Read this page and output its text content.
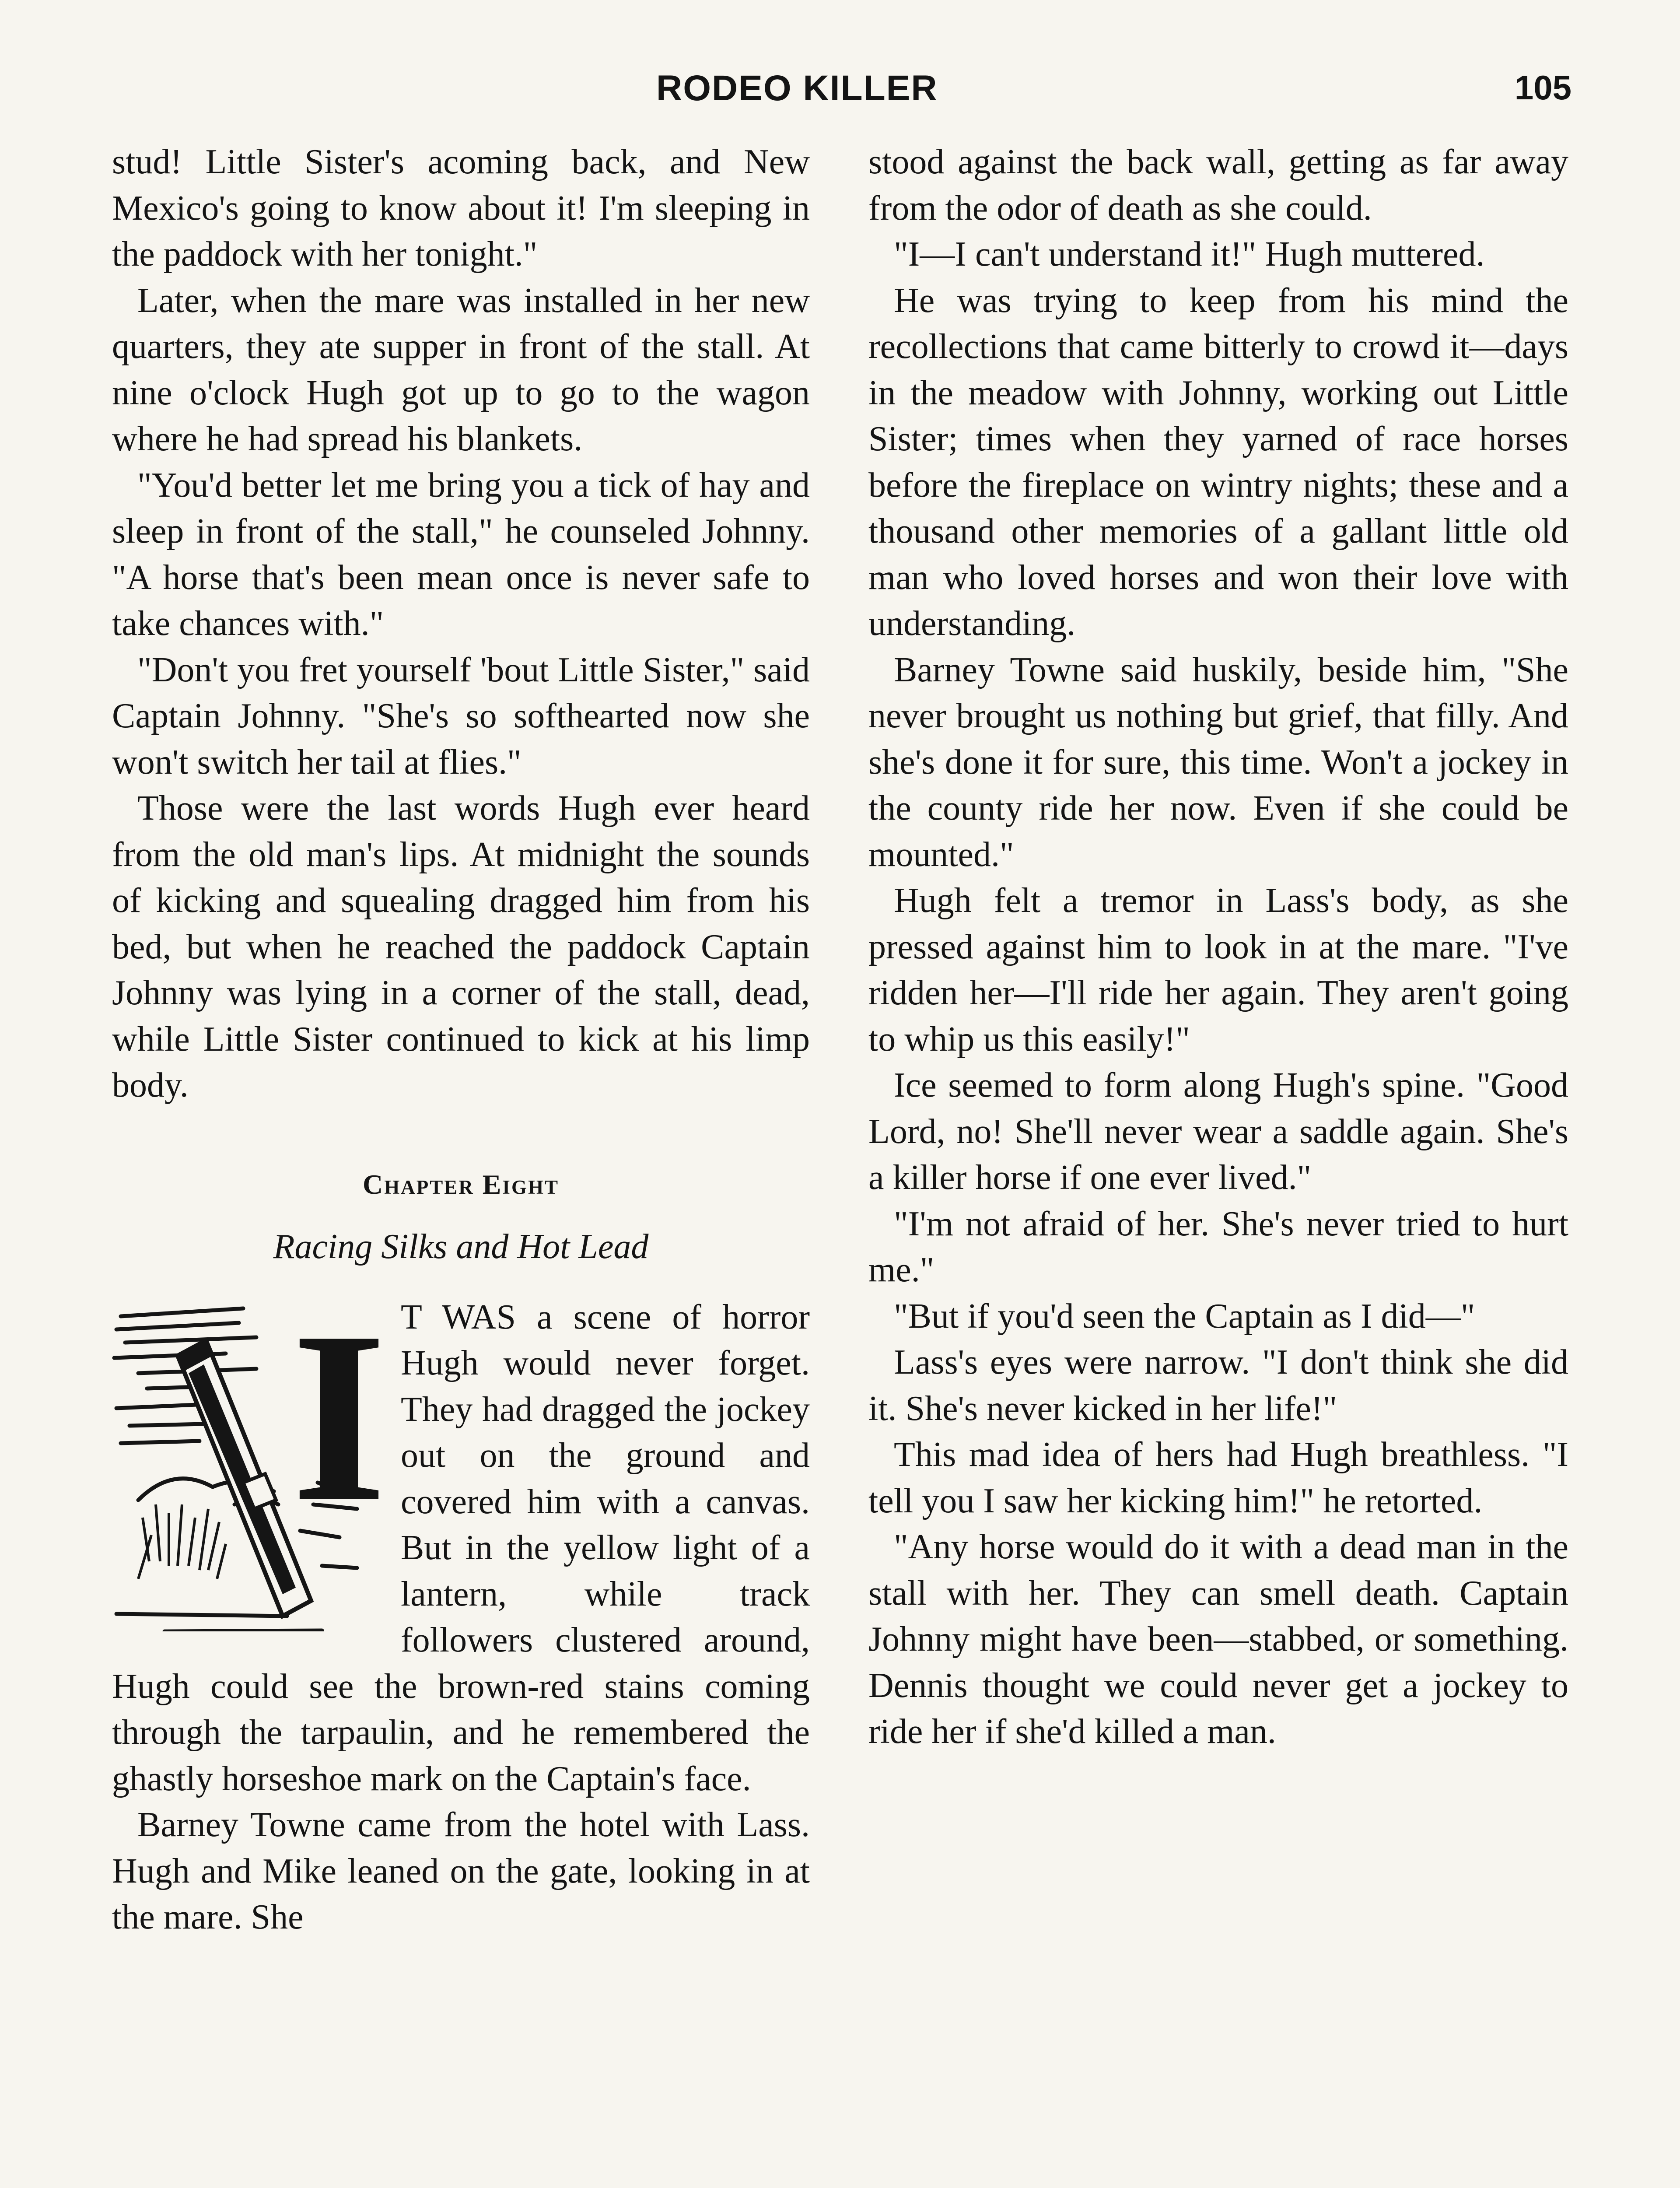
RODEO KILLER	105

stud! Little Sister's acoming back, and New Mexico's going to know about it! I'm sleeping in the paddock with her tonight."

Later, when the mare was installed in her new quarters, they ate supper in front of the stall. At nine o'clock Hugh got up to go to the wagon where he had spread his blankets.

"You'd better let me bring you a tick of hay and sleep in front of the stall," he counseled Johnny. "A horse that's been mean once is never safe to take chances with."

"Don't you fret yourself 'bout Little Sister," said Captain Johnny. "She's so softhearted now she won't switch her tail at flies."

Those were the last words Hugh ever heard from the old man's lips. At midnight the sounds of kicking and squealing dragged him from his bed, but when he reached the paddock Captain Johnny was lying in a corner of the stall, dead, while Little Sister continued to kick at his limp body.

Chapter Eight
Racing Silks and Hot Lead
I T WAS a scene of horror Hugh would never forget. They had dragged the jockey out on the ground and covered him with a canvas. But in the yellow light of a lantern, while track followers clustered around, Hugh could see the brown-red stains coming through the tarpaulin, and he remembered the ghastly horseshoe mark on the Captain's face.

Barney Towne came from the hotel with Lass. Hugh and Mike leaned on the gate, looking in at the mare. She

stood against the back wall, getting as far away from the odor of death as she could.

"I—I can't understand it!" Hugh muttered.

He was trying to keep from his mind the recollections that came bitterly to crowd it—days in the meadow with Johnny, working out Little Sister; times when they yarned of race horses before the fireplace on wintry nights; these and a thousand other memories of a gallant little old man who loved horses and won their love with understanding.

Barney Towne said huskily, beside him, "She never brought us nothing but grief, that filly. And she's done it for sure, this time. Won't a jockey in the county ride her now. Even if she could be mounted."

Hugh felt a tremor in Lass's body, as she pressed against him to look in at the mare. "I've ridden her—I'll ride her again. They aren't going to whip us this easily!"

Ice seemed to form along Hugh's spine. "Good Lord, no! She'll never wear a saddle again. She's a killer horse if one ever lived."

"I'm not afraid of her. She's never tried to hurt me."

"But if you'd seen the Captain as I did—"

Lass's eyes were narrow. "I don't think she did it. She's never kicked in her life!"

This mad idea of hers had Hugh breathless. "I tell you I saw her kicking him!" he retorted.

"Any horse would do it with a dead man in the stall with her. They can smell death. Captain Johnny might have been—stabbed, or something. Dennis thought we could never get a jockey to ride her if she'd killed a man.
